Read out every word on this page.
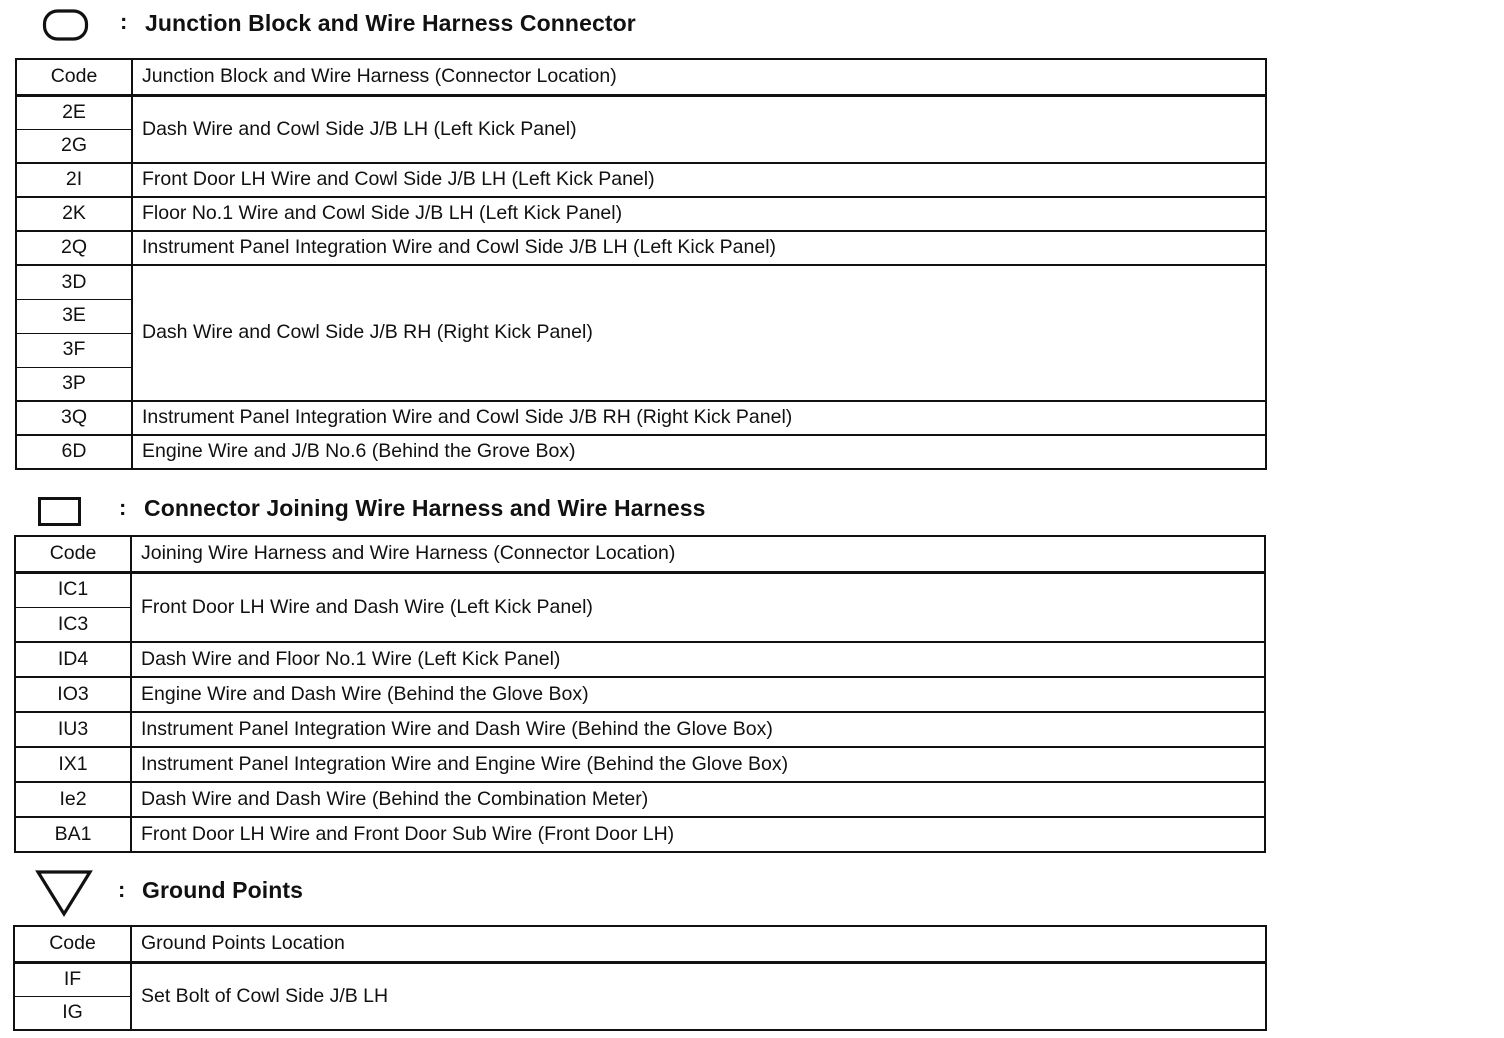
: Junction Block and Wire Harness Connector
Code	Junction Block and Wire Harness (Connector Location)
2E	Dash Wire and Cowl Side J/B LH (Left Kick Panel)
2G	
2I	Front Door LH Wire and Cowl Side J/B LH (Left Kick Panel)
2K	Floor No.1 Wire and Cowl Side J/B LH (Left Kick Panel)
2Q	Instrument Panel Integration Wire and Cowl Side J/B LH (Left Kick Panel)
3D	Dash Wire and Cowl Side J/B RH (Right Kick Panel)
3E	
3F	
3P	
3Q	Instrument Panel Integration Wire and Cowl Side J/B RH (Right Kick Panel)
6D	Engine Wire and J/B No.6 (Behind the Grove Box)
: Connector Joining Wire Harness and Wire Harness
Code	Joining Wire Harness and Wire Harness (Connector Location)
IC1	Front Door LH Wire and Dash Wire (Left Kick Panel)
IC3	
ID4	Dash Wire and Floor No.1 Wire (Left Kick Panel)
IO3	Engine Wire and Dash Wire (Behind the Glove Box)
IU3	Instrument Panel Integration Wire and Dash Wire (Behind the Glove Box)
IX1	Instrument Panel Integration Wire and Engine Wire (Behind the Glove Box)
Ie2	Dash Wire and Dash Wire (Behind the Combination Meter)
BA1	Front Door LH Wire and Front Door Sub Wire (Front Door LH)
: Ground Points
Code	Ground Points Location
IF	Set Bolt of Cowl Side J/B LH
IG	
